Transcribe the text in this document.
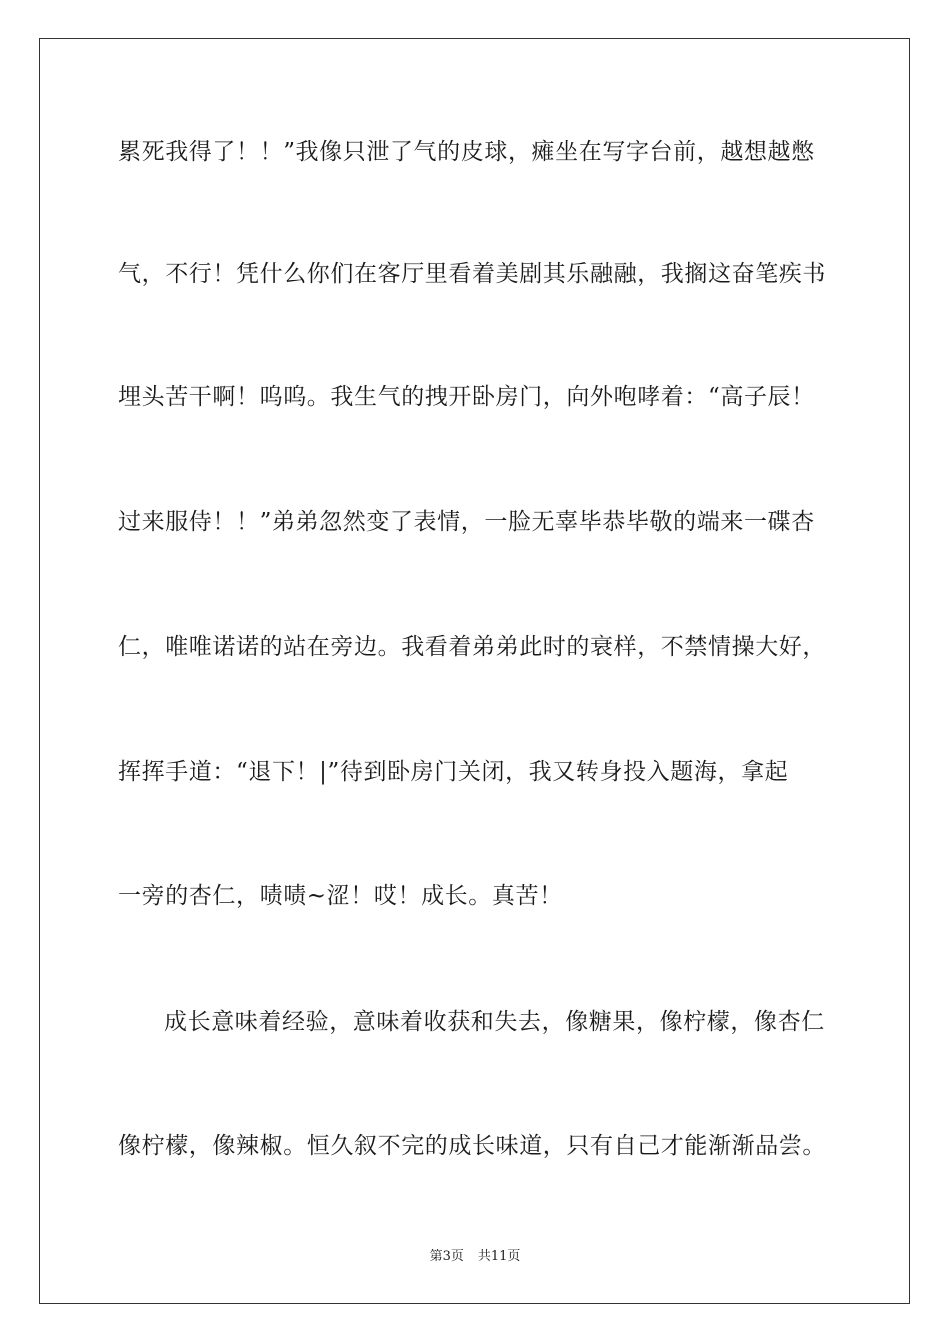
累死我得了！！”我像只泄了气的皮球，瘫坐在写字台前，越想越憋
气，不行！凭什么你们在客厅里看着美剧其乐融融，我搁这奋笔疾书
埋头苦干啊！呜呜。我生气的拽开卧房门，向外咆哮着：“高子辰！
过来服侍！！”弟弟忽然变了表情，一脸无辜毕恭毕敬的端来一碟杏
仁，唯唯诺诺的站在旁边。我看着弟弟此时的衰样，不禁情操大好，
挥挥手道：“退下！|”待到卧房门关闭，我又转身投入题海，拿起
一旁的杏仁，啧啧~涩！哎！成长。真苦！
成长意味着经验，意味着收获和失去，像糖果，像柠檬，像杏仁
像柠檬，像辣椒。恒久叙不完的成长味道，只有自己才能渐渐品尝。
第3页 共11页
